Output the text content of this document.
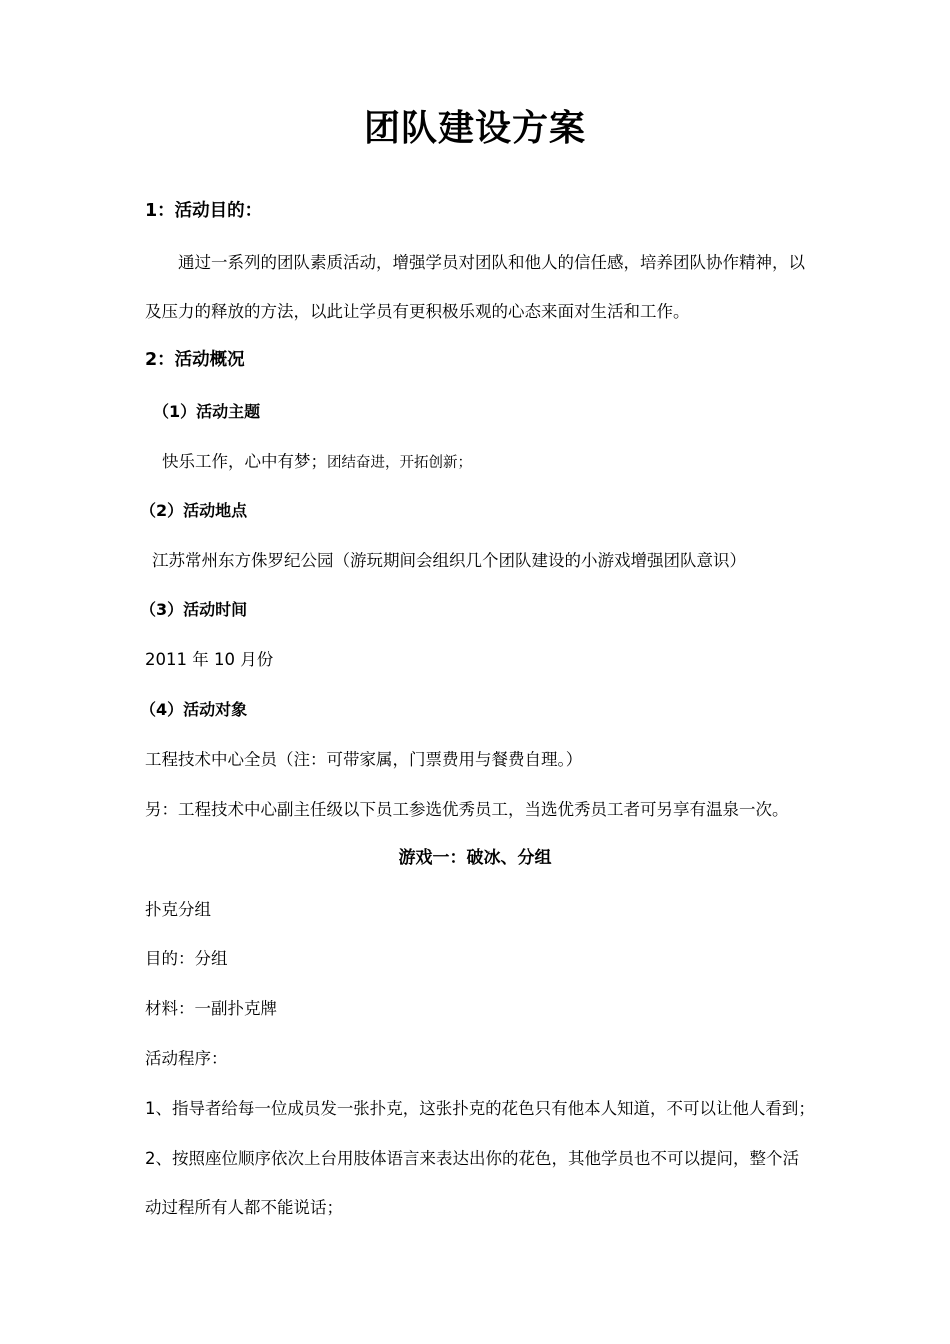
团队建设方案
1：活动目的：
通过一系列的团队素质活动，增强学员对团队和他人的信任感，培养团队协作精神，以
及压力的释放的方法，以此让学员有更积极乐观的心态来面对生活和工作。
2：活动概况
（1）活动主题
快乐工作，心中有梦；团结奋进，开拓创新；
（2）活动地点
江苏常州东方侏罗纪公园（游玩期间会组织几个团队建设的小游戏增强团队意识）
（3）活动时间
2011 年 10 月份
（4）活动对象
工程技术中心全员（注：可带家属，门票费用与餐费自理。）
另：工程技术中心副主任级以下员工参选优秀员工，当选优秀员工者可另享有温泉一次。
游戏一：破冰、分组
扑克分组
目的：分组
材料：一副扑克牌
活动程序：
1、指导者给每一位成员发一张扑克，这张扑克的花色只有他本人知道，不可以让他人看到；
2、按照座位顺序依次上台用肢体语言来表达出你的花色，其他学员也不可以提问，整个活
动过程所有人都不能说话；
